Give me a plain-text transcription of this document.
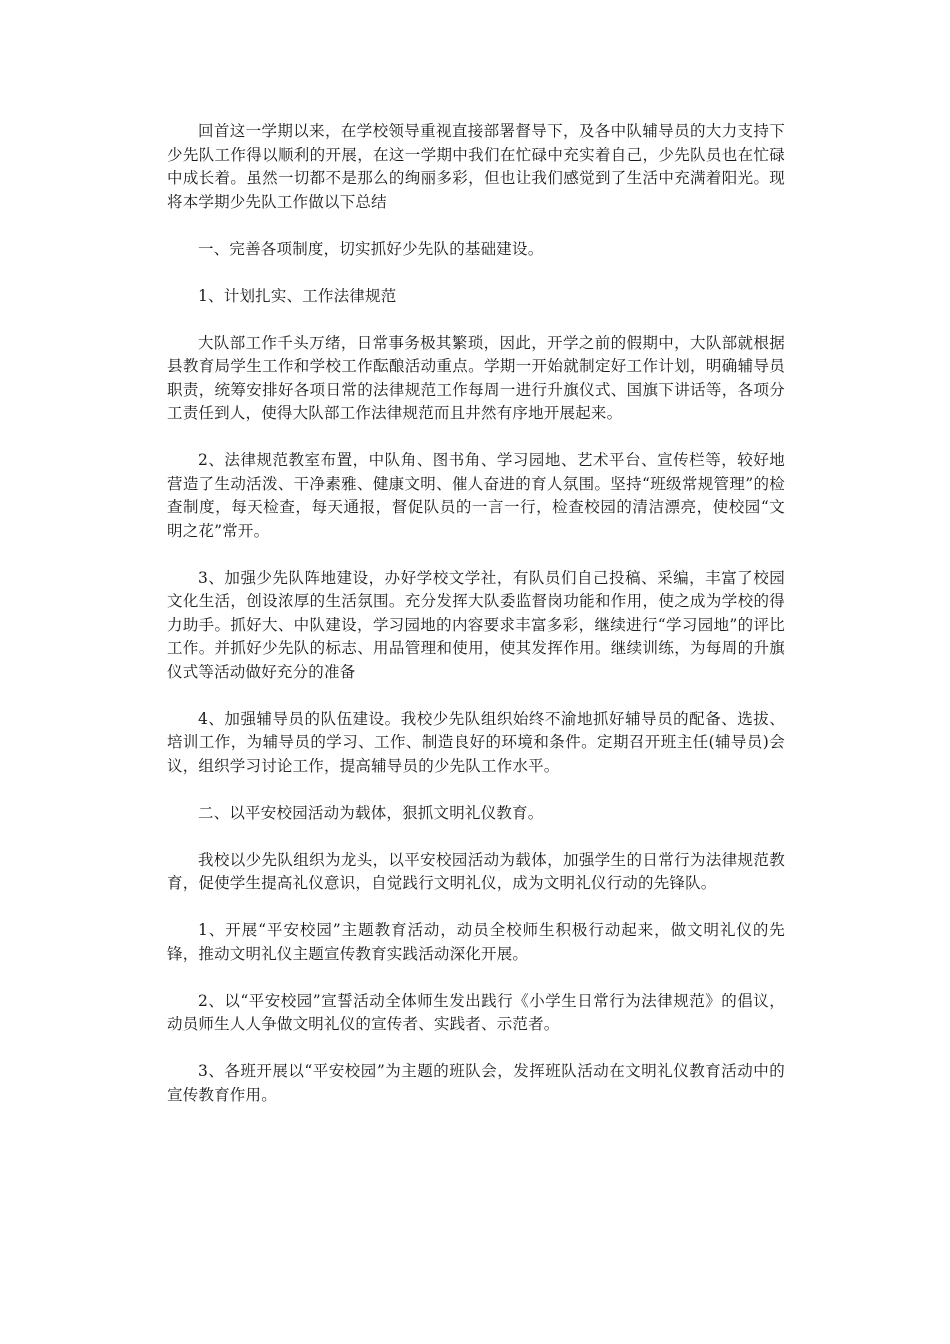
回首这一学期以来，在学校领导重视直接部署督导下，及各中队辅导员的大力支持下少先队工作得以顺利的开展，在这一学期中我们在忙碌中充实着自己，少先队员也在忙碌中成长着。虽然一切都不是那么的绚丽多彩，但也让我们感觉到了生活中充满着阳光。现将本学期少先队工作做以下总结

一、完善各项制度，切实抓好少先队的基础建设。

1、计划扎实、工作法律规范

大队部工作千头万绪，日常事务极其繁琐，因此，开学之前的假期中，大队部就根据县教育局学生工作和学校工作酝酿活动重点。学期一开始就制定好工作计划，明确辅导员职责，统筹安排好各项日常的法律规范工作每周一进行升旗仪式、国旗下讲话等，各项分工责任到人，使得大队部工作法律规范而且井然有序地开展起来。

2、法律规范教室布置，中队角、图书角、学习园地、艺术平台、宣传栏等，较好地营造了生动活泼、干净素雅、健康文明、催人奋进的育人氛围。坚持“班级常规管理”的检查制度，每天检查，每天通报，督促队员的一言一行，检查校园的清洁漂亮，使校园“文明之花”常开。

3、加强少先队阵地建设，办好学校文学社，有队员们自己投稿、采编，丰富了校园文化生活，创设浓厚的生活氛围。充分发挥大队委监督岗功能和作用，使之成为学校的得力助手。抓好大、中队建设，学习园地的内容要求丰富多彩，继续进行“学习园地”的评比工作。并抓好少先队的标志、用品管理和使用，使其发挥作用。继续训练，为每周的升旗仪式等活动做好充分的准备

4、加强辅导员的队伍建设。我校少先队组织始终不渝地抓好辅导员的配备、选拔、培训工作，为辅导员的学习、工作、制造良好的环境和条件。定期召开班主任(辅导员)会议，组织学习讨论工作，提高辅导员的少先队工作水平。

二、以平安校园活动为载体，狠抓文明礼仪教育。

我校以少先队组织为龙头，以平安校园活动为载体，加强学生的日常行为法律规范教育，促使学生提高礼仪意识，自觉践行文明礼仪，成为文明礼仪行动的先锋队。

1、开展“平安校园”主题教育活动，动员全校师生积极行动起来，做文明礼仪的先锋，推动文明礼仪主题宣传教育实践活动深化开展。

2、以“平安校园”宣誓活动全体师生发出践行《小学生日常行为法律规范》的倡议，动员师生人人争做文明礼仪的宣传者、实践者、示范者。

3、各班开展以“平安校园”为主题的班队会，发挥班队活动在文明礼仪教育活动中的宣传教育作用。
